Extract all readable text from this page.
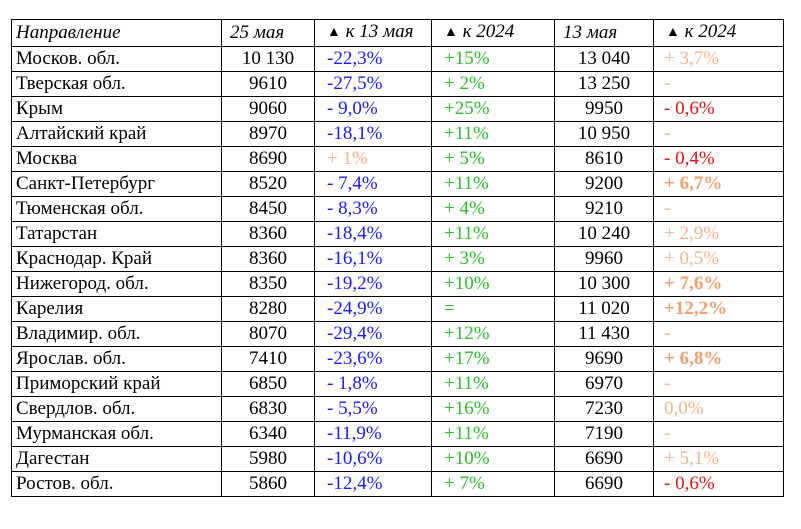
Направление	25 мая	▲ к 13 мая	▲ к 2024	13 мая	▲ к 2024
Москов. обл.	10 130	-22,3%	+15%	13 040	+ 3,7%
Тверская обл.	9610	-27,5%	+ 2%	13 250	-
Крым	9060	- 9,0%	+25%	9950	- 0,6%
Алтайский край	8970	-18,1%	+11%	10 950	-
Москва	8690	+ 1%	+ 5%	8610	- 0,4%
Санкт-Петербург	8520	- 7,4%	+11%	9200	+ 6,7%
Тюменская обл.	8450	- 8,3%	+ 4%	9210	-
Татарстан	8360	-18,4%	+11%	10 240	+ 2,9%
Краснодар. Край	8360	-16,1%	+ 3%	9960	+ 0,5%
Нижегород. обл.	8350	-19,2%	+10%	10 300	+ 7,6%
Карелия	8280	-24,9%	=	11 020	+12,2%
Владимир. обл.	8070	-29,4%	+12%	11 430	-
Ярослав. обл.	7410	-23,6%	+17%	9690	+ 6,8%
Приморский край	6850	- 1,8%	+11%	6970	-
Свердлов. обл.	6830	- 5,5%	+16%	7230	0,0%
Мурманская обл.	6340	-11,9%	+11%	7190	-
Дагестан	5980	-10,6%	+10%	6690	+ 5,1%
Ростов. обл.	5860	-12,4%	+ 7%	6690	- 0,6%
